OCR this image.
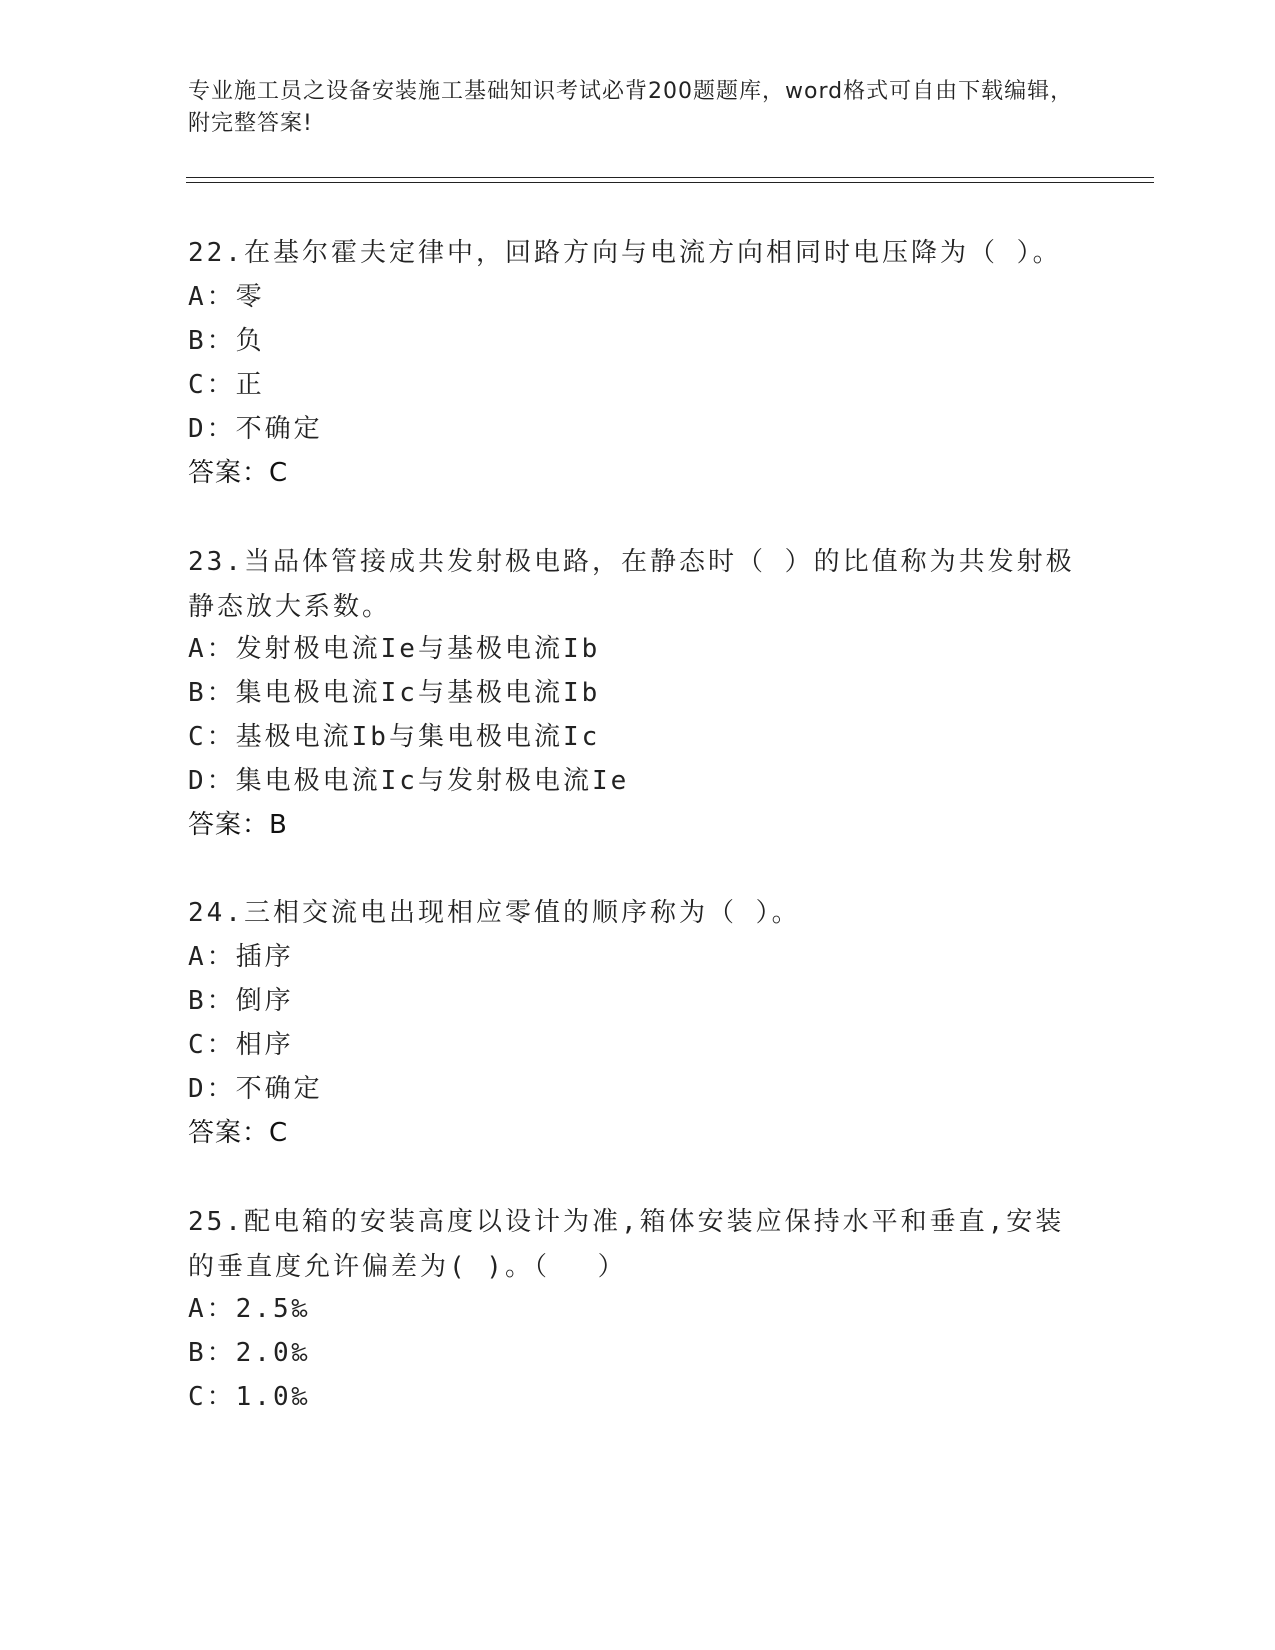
专业施工员之设备安装施工基础知识考试必背200题题库，word格式可自由下载编辑，附完整答案!
22.在基尔霍夫定律中，回路方向与电流方向相同时电压降为（ ）。
A：零
B：负
C：正
D：不确定
答案：C
23.当品体管接成共发射极电路，在静态时（ ）的比值称为共发射极静态放大系数。
A：发射极电流Ie与基极电流Ib
B：集电极电流Ic与基极电流Ib
C：基极电流Ib与集电极电流Ic
D：集电极电流Ic与发射极电流Ie
答案：B
24.三相交流电出现相应零值的顺序称为（ ）。
A：插序
B：倒序
C：相序
D：不确定
答案：C
25.配电箱的安装高度以设计为准,箱体安装应保持水平和垂直,安装的垂直度允许偏差为( )。（　 ）
A：2.5‰
B：2.0‰
C：1.0‰
